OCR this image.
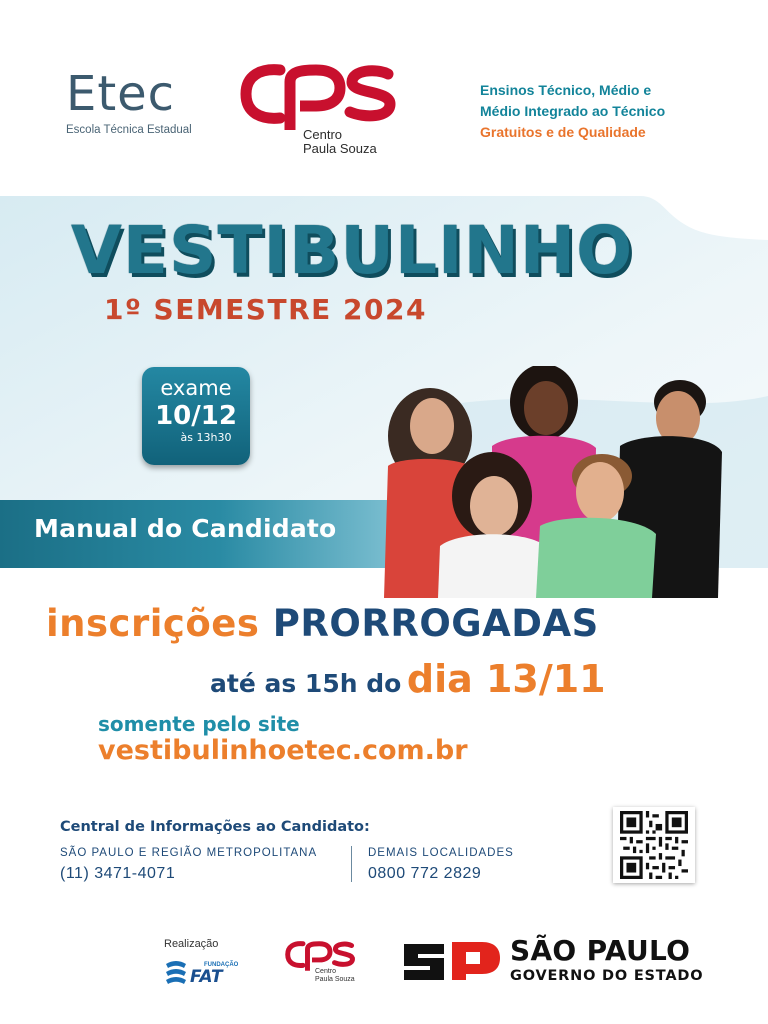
Etec
Escola Técnica Estadual	Centro
Paula Souza
Ensinos Técnico, Médio e
Médio Integrado ao Técnico
Gratuitos e de Qualidade
VESTIBULINHO
1º SEMESTRE 2024
exame
10/12
às 13h30
Manual do Candidato
inscrições PRORROGADAS
até as 15h do dia 13/11
somente pelo site
vestibulinhoetec.com.br
Central de Informações ao Candidato:
SÃO PAULO E REGIÃO METROPOLITANA
(11) 3471-4071
DEMAIS LOCALIDADES
0800 772 2829
Realização
FUNDAÇÃO
FAT	Centro
Paula Souza
SÃO PAULO
GOVERNO DO ESTADO
